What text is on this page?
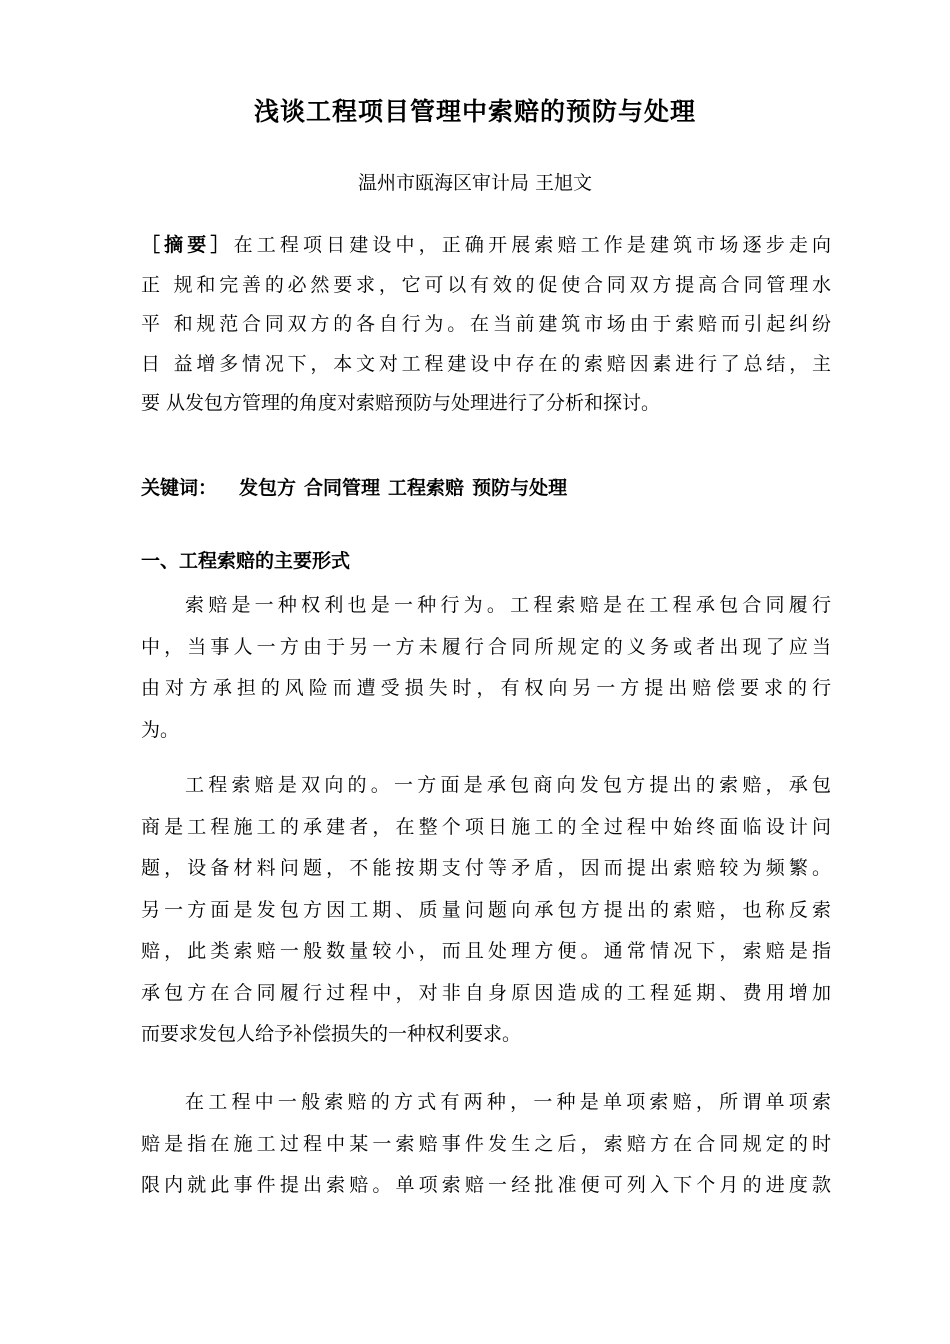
浅谈工程项目管理中索赔的预防与处理

温州市瓯海区审计局 王旭文

［摘要］在工程项日建设中，正确开展索赔工作是建筑市场逐步走向
正 规和完善的必然要求，它可以有效的促使合同双方提高合同管理水
平 和规范合同双方的各自行为。在当前建筑市场由于索赔而引起纠纷
日 益增多情况下，本文对工程建设中存在的索赔因素进行了总结，主
要 从发包方管理的角度对索赔预防与处理进行了分析和探讨。

关键词： 发包方 合同管理 工程索赔 预防与处理

一、工程索赔的主要形式
索赔是一种权利也是一种行为。工程索赔是在工程承包合同履行
中，当事人一方由于另一方未履行合同所规定的义务或者出现了应当
由对方承担的风险而遭受损失时，有权向另一方提出赔偿要求的行
为。
工程索赔是双向的。一方面是承包商向发包方提出的索赔，承包
商是工程施工的承建者，在整个项日施工的全过程中始终面临设计问
题，设备材料问题，不能按期支付等矛盾，因而提出索赔较为频繁。
另一方面是发包方因工期、质量问题向承包方提出的索赔，也称反索
赔，此类索赔一般数量较小，而且处理方便。通常情况下，索赔是指
承包方在合同履行过程中，对非自身原因造成的工程延期、费用增加
而要求发包人给予补偿损失的一种权利要求。
在工程中一般索赔的方式有两种，一种是单项索赔，所谓单项索
赔是指在施工过程中某一索赔事件发生之后，索赔方在合同规定的时
限内就此事件提出索赔。单项索赔一经批准便可列入下个月的进度款
